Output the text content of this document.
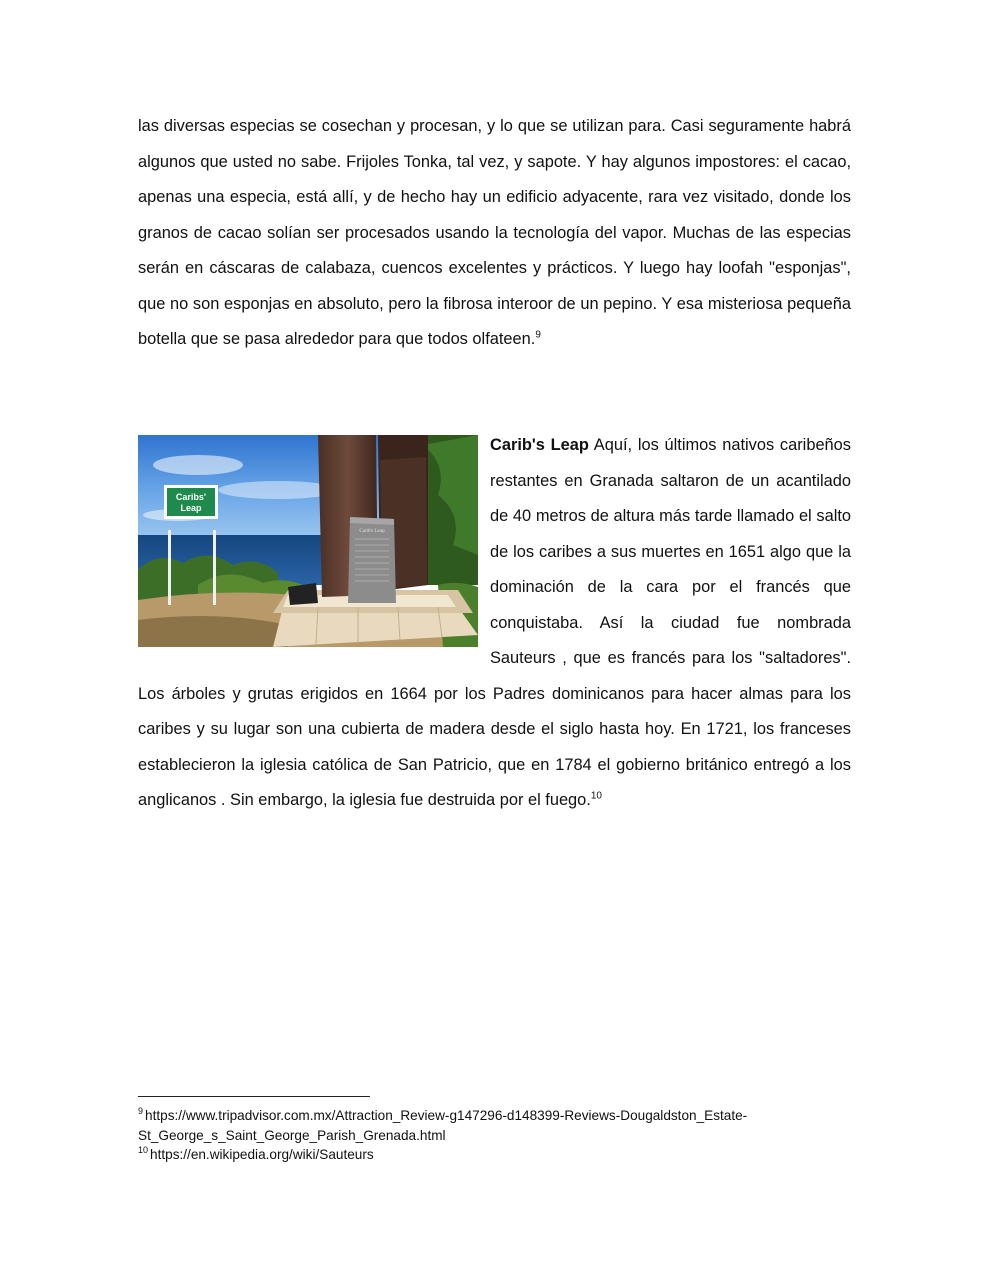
las diversas especias se cosechan y procesan, y lo que se utilizan para. Casi seguramente habrá algunos que usted no sabe. Frijoles Tonka, tal vez, y sapote. Y hay algunos impostores: el cacao, apenas una especia, está allí, y de hecho hay un edificio adyacente, rara vez visitado, donde los granos de cacao solían ser procesados usando la tecnología del vapor. Muchas de las especias serán en cáscaras de calabaza, cuencos excelentes y prácticos. Y luego hay loofah "esponjas", que no son esponjas en absoluto, pero la fibrosa interoor de un pepino. Y esa misteriosa pequeña botella que se pasa alrededor para que todos olfateen.$^9$
Caribs'
Leap
Carib's Leap
Carib's Leap Aquí, los últimos nativos caribeños restantes en Granada saltaron de un acantilado de 40 metros de altura más tarde llamado el salto de los caribes a sus muertes en 1651 algo que la dominación de la cara por el francés que conquistaba. Así la ciudad fue nombrada Sauteurs , que es francés para los "saltadores". Los árboles y grutas erigidos en 1664 por los Padres dominicanos para hacer almas para los caribes y su lugar son una cubierta de madera desde el siglo hasta hoy. En 1721, los franceses establecieron la iglesia católica de San Patricio, que en 1784 el gobierno británico entregó a los anglicanos . Sin embargo, la iglesia fue destruida por el fuego.$^{10}$
$^9$ https://www.tripadvisor.com.mx/Attraction_Review-g147296-d148399-Reviews-Dougaldston_Estate-
St_George_s_Saint_George_Parish_Grenada.html
$^{10}$ https://en.wikipedia.org/wiki/Sauteurs
